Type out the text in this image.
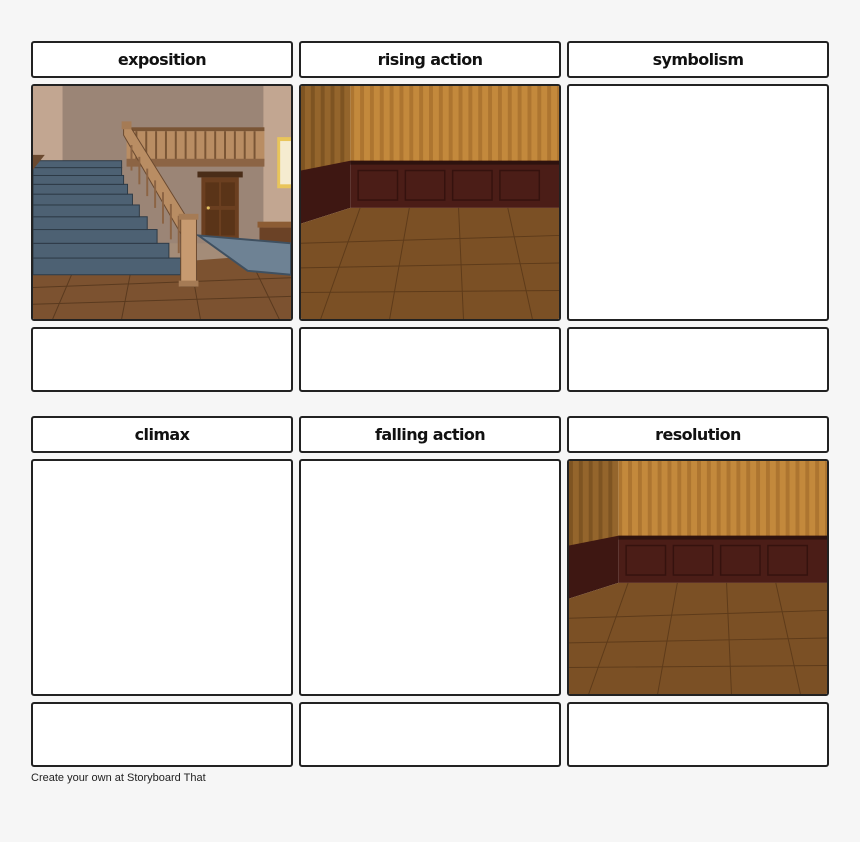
exposition	rising action	symbolism
climax	falling action	resolution
Create your own at Storyboard That
